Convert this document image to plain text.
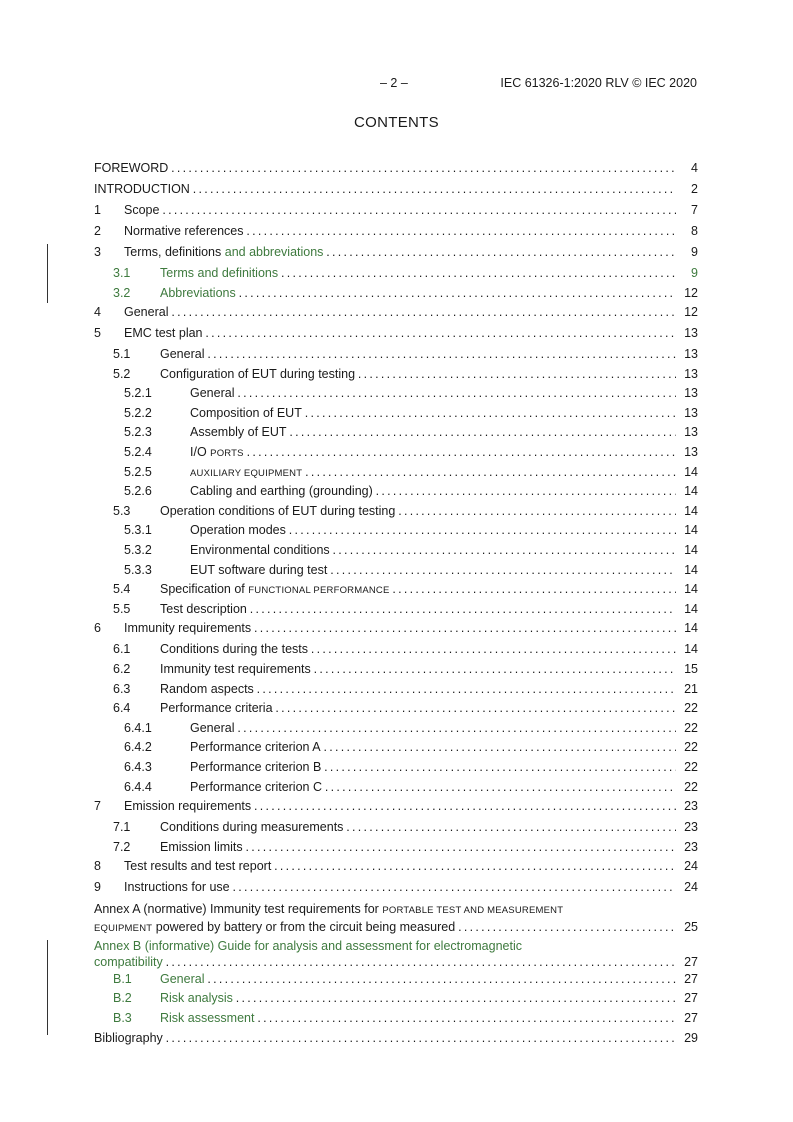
– 2 –	IEC 61326-1:2020 RLV © IEC 2020
CONTENTS
FOREWORD . . .	4
INTRODUCTION . . .	2
1 Scope . . .	7
2 Normative references . . .	8
3 Terms, definitions and abbreviations . . .	9
3.1 Terms and definitions . . .	9
3.2 Abbreviations . . .	12
4 General . . .	12
5 EMC test plan . . .	13
5.1 General . . .	13
5.2 Configuration of EUT during testing . . .	13
5.2.1	General . . .	13
5.2.2	Composition of EUT . . .	13
5.2.3	Assembly of EUT . . .	13
5.2.4	I/O PORTS . . .	13
5.2.5	AUXILIARY EQUIPMENT . . .	14
5.2.6	Cabling and earthing (grounding) . . .	14
5.3 Operation conditions of EUT during testing . . .	14
5.3.1	Operation modes . . .	14
5.3.2	Environmental conditions . . .	14
5.3.3	EUT software during test . . .	14
5.4 Specification of FUNCTIONAL PERFORMANCE . . .	14
5.5 Test description . . .	14
6 Immunity requirements . . .	14
6.1 Conditions during the tests . . .	14
6.2 Immunity test requirements . . .	15
6.3 Random aspects . . .	21
6.4 Performance criteria . . .	22
6.4.1	General . . .	22
6.4.2	Performance criterion A . . .	22
6.4.3	Performance criterion B . . .	22
6.4.4	Performance criterion C . . .	22
7 Emission requirements . . .	23
7.1 Conditions during measurements . . .	23
7.2 Emission limits . . .	23
8 Test results and test report . . .	24
9 Instructions for use . . .	24
Annex A (normative) Immunity test requirements for PORTABLE TEST AND MEASUREMENT
EQUIPMENT powered by battery or from the circuit being measured . . .	25
Annex B (informative) Guide for analysis and assessment for electromagnetic
compatibility . . .	27
B.1 General . . .	27
B.2 Risk analysis . . .	27
B.3 Risk assessment . . .	27
Bibliography . . .	29
